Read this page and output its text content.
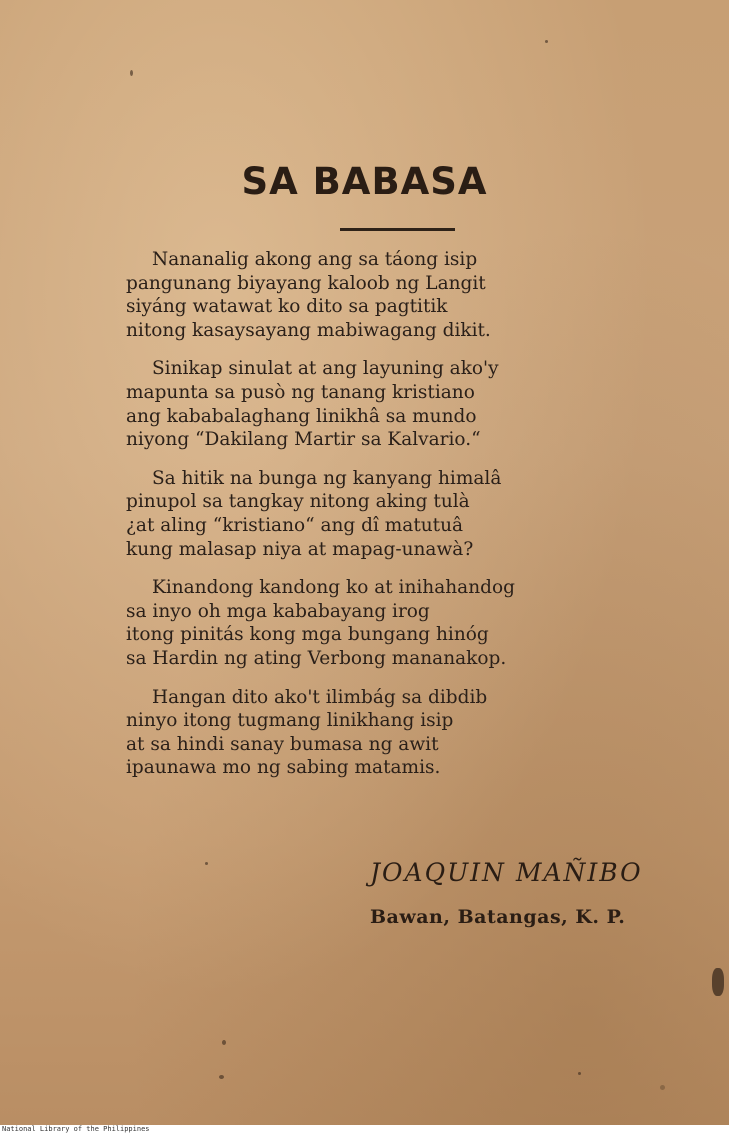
SA BABASA
Nananalig akong ang sa táong isip
pangunang biyayang kaloob ng Langit
siyáng watawat ko dito sa pagtitik
nitong kasaysayang mabiwagang dikit.
Sinikap sinulat at ang layuning ako'y
mapunta sa pusò ng tanang kristiano
ang kababalaghang linikhâ sa mundo
niyong “Dakilang Martir sa Kalvario.“
Sa hitik na bunga ng kanyang himalâ
pinupol sa tangkay nitong aking tulà
¿at aling “kristiano“ ang dî matutuâ
kung malasap niya at mapag-unawà?
Kinandong kandong ko at inihahandog
sa inyo oh mga kababayang irog
itong pinitás kong mga bungang hinóg
sa Hardin ng ating Verbong mananakop.
Hangan dito ako't ilimbág sa dibdib
ninyo itong tugmang linikhang isip
at sa hindi sanay bumasa ng awit
ipaunawa mo ng sabing matamis.
JOAQUIN MAÑIBO
Bawan, Batangas, K. P.
National Library of the Philippines
